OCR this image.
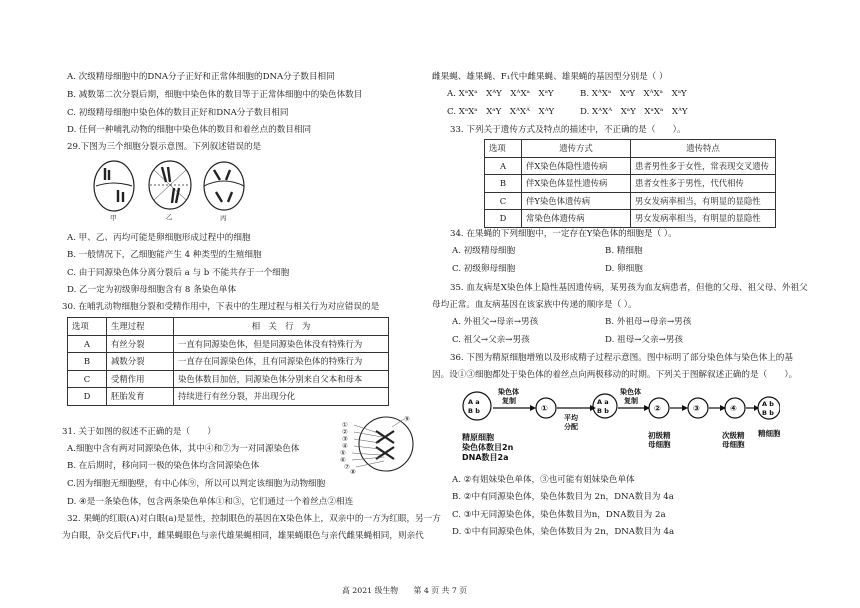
A. 次级精母细胞中的DNA分子正好和正常体细胞的DNA分子数目相同
B. 减数第二次分裂后期，细胞中染色体的数目等于正常体细胞中的染色体数目
C. 初级精母细胞中染色体的数目正好和DNA分子数目相同
D. 任何一种哺乳动物的细胞中染色体的数目和着丝点的数目相同
29.下图为三个细胞分裂示意图。下列叙述错误的是
甲	乙	丙
A. 甲、乙、丙均可能是卵细胞形成过程中的细胞
B. 一般情况下，乙细胞能产生 4 种类型的生殖细胞
C. 由于同源染色体分离分裂后 a 与 b 不能共存于一个细胞
D. 乙一定为初级卵母细胞含有 8 条染色单体
30. 在哺乳动物细胞分裂和受精作用中，下表中的生理过程与相关行为对应错误的是
选项	生理过程	相　关　行　为
A	有丝分裂	一直有同源染色体，但是同源染色体没有特殊行为
B	减数分裂	一直存在同源染色体，且有同源染色体的特殊行为
C	受精作用	染色体数目加倍，同源染色体分别来自父本和母本
D	胚胎发育	持续进行有丝分裂，并出现分化
31. 关于如图的叙述不正确的是（　　）
A.细胞中含有两对同源染色体，其中④和⑦为一对同源染色体
B. 在后期时，移向同一极的染色体均含同源染色体
C.因为细胞无细胞壁，有中心体⑨，所以可以判定该细胞为动物细胞
D. ④是一条染色体，包含两条染色单体①和③，它们通过一个着丝点②相连
①
②
③
④
⑤
⑥
⑦
⑧
⑨
32. 果蝇的红眼(A)对白眼(a)是显性，控制眼色的基因在X染色体上，双亲中的一方为红眼，另一方
为白眼，杂交后代F₁中，雌果蝇眼色与亲代雄果蝇相同，雄果蝇眼色与亲代雌果蝇相同，则亲代
雌果蝇、雄果蝇、F₁代中雌果蝇、雄果蝇的基因型分别是（ ）
A. XᵃXᵃ　XᴬY　XᴬXᵃ　XᵃY	B. XᴬXᵃ　XᵃY　XᴬXᵃ　XᵃY
C. XᵃXᵃ　XᵃY　XᴬXᴬ　XᴬY	D. XᴬXᴬ　XᵃY　XᵃXᵃ　XᴬY
33. 下列关于遗传方式及特点的描述中，不正确的是（　　）。
选项	遗传方式	遗传特点
A	伴X染色体隐性遗传病	患者男性多于女性，常表现交叉遗传
B	伴X染色体显性遗传病	患者女性多于男性，代代相传
C	伴Y染色体遗传病	男女发病率相当，有明显的显隐性
D	常染色体遗传病	男女发病率相当，有明显的显隐性
34. 在果蝇的下列细胞中，一定存在Y染色体的细胞是（ ）。
A. 初级精母细胞	B. 精细胞
C. 初级卵母细胞	D. 卵细胞
35. 血友病是X染色体上隐性基因遗传病，某男孩为血友病患者，但他的父母、祖父母、外祖父
母均正常。血友病基因在该家族中传递的顺序是（ ）。
A. 外祖父→母亲→男孩	B. 外祖母→母亲→男孩
C. 祖父→父亲→男孩	D. 祖母→父亲→男孩
36. 下图为精原细胞增殖以及形成精子过程示意图。图中标明了部分染色体与染色体上的基
因。设①③细胞都处于染色体的着丝点向两极移动的时期。下列关于图解叙述正确的是（　　）。
A a
B b
染色体
复制
①
平均
分配
A a
B b
染色体
复制
②	③	④	A b
B b
精原细胞
染色体数目2n
DNA数目2a
初级精
母细胞
次级精
母细胞
精细胞
A. ②有姐妹染色单体，③也可能有姐妹染色单体
B. ②中有同源染色体，染色体数目为 2n，DNA数目为 4a
C. ③中无同源染色体，染色体数目为n，DNA数目为 2a
D. ①中有同源染色体，染色体数目为 2n，DNA数目为 4a
高 2021 级生物　　第 4 页 共 7 页
